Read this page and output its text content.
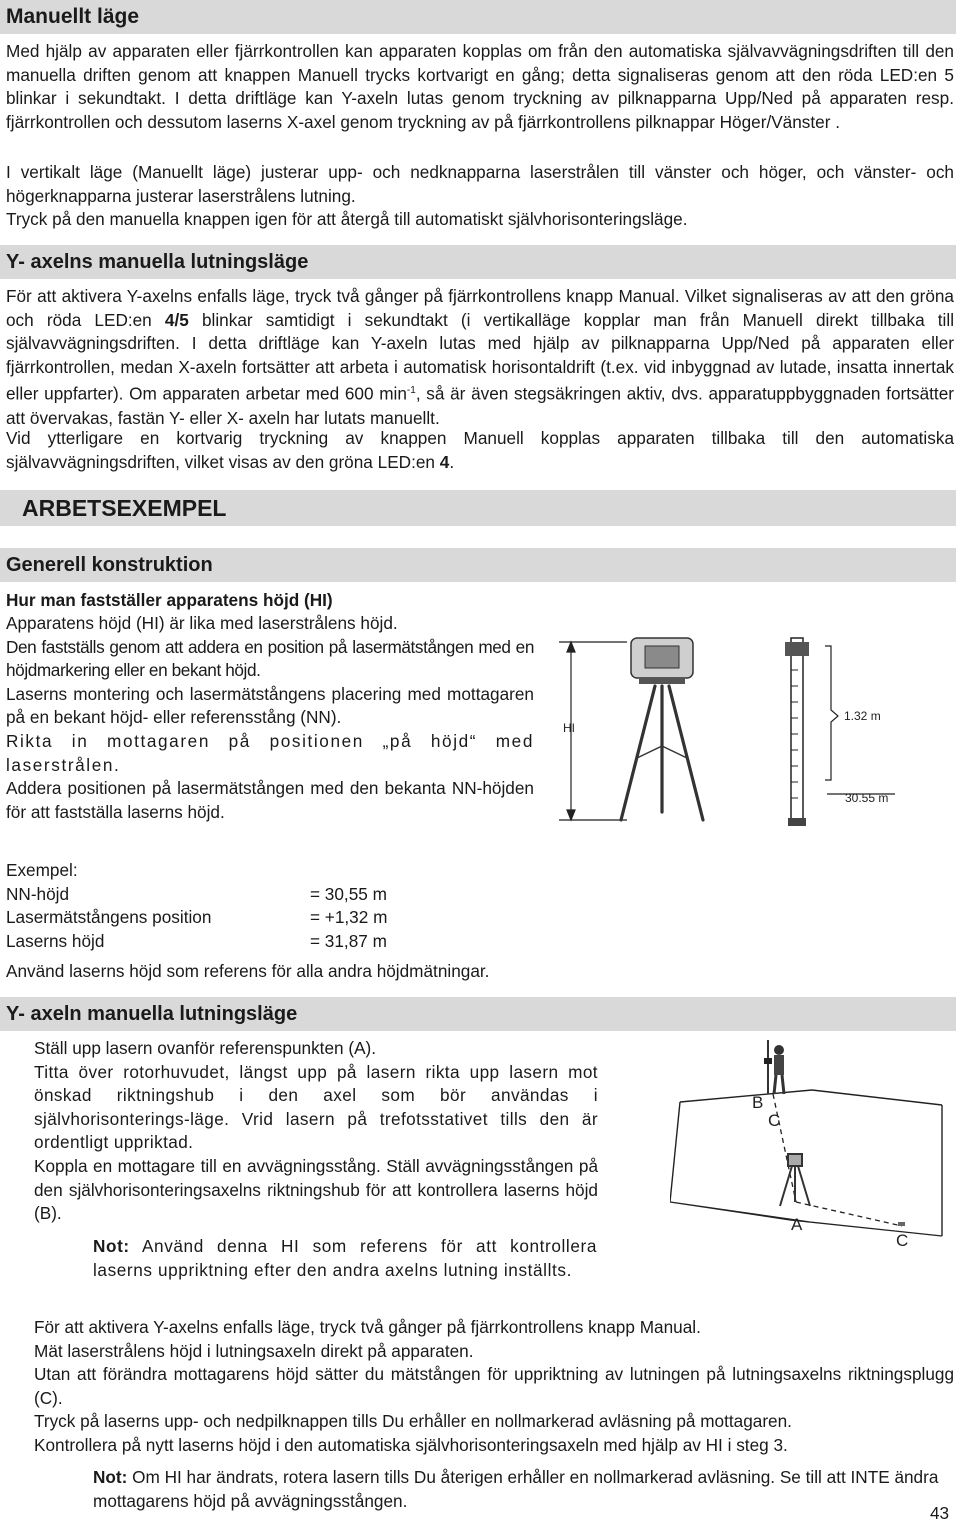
Manuellt läge

Med hjälp av apparaten eller fjärrkontrollen kan apparaten kopplas om från den automatiska självavvägningsdriften till den manuella driften genom att knappen Manuell trycks kortvarigt en gång; detta signaliseras genom att den röda LED:en 5 blinkar i sekundtakt. I detta driftläge kan Y-axeln lutas genom tryckning av pilknapparna Upp/Ned på apparaten resp. fjärrkontrollen och dessutom laserns X-axel genom tryckning av på fjärrkontrollens pilknappar Höger/Vänster .

I vertikalt läge (Manuellt läge) justerar upp- och nedknapparna laserstrålen till vänster och höger, och vänster- och högerknapparna justerar laserstrålens lutning.

Tryck på den manuella knappen igen för att återgå till automatiskt självhorisonteringsläge.

Y- axelns manuella lutningsläge

För att aktivera Y-axelns enfalls läge, tryck två gånger på fjärrkontrollens knapp Manual. Vilket signaliseras av att den gröna och röda LED:en 4/5 blinkar samtidigt i sekundtakt (i vertikalläge kopplar man från Manuell direkt tillbaka till självavvägningsdriften. I detta driftläge kan Y-axeln lutas med hjälp av pilknapparna Upp/Ned på apparaten eller fjärrkontrollen, medan X-axeln fortsätter att arbeta i automatisk horisontaldrift (t.ex. vid inbyggnad av lutade, insatta innertak eller uppfarter). Om apparaten arbetar med 600 $\min^{-1}$, så är även stegsäkringen aktiv, dvs. apparatuppbyggnaden fortsätter att övervakas, fastän Y- eller X- axeln har lutats manuellt.

Vid ytterligare en kortvarig tryckning av knappen Manuell kopplas apparaten tillbaka till den automatiska självavvägningsdriften, vilket visas av den gröna LED:en 4.

ARBETSEXEMPEL
Generell konstruktion

Hur man fastställer apparatens höjd (HI)

Apparatens höjd (HI) är lika med laserstrålens höjd.
Den fastställs genom att addera en position på lasermätstången med en höjdmarkering eller en bekant höjd.
Laserns montering och lasermätstångens placering med mottagaren på en bekant höjd- eller referensstång (NN).
Rikta in mottagaren på positionen „på höjd“ med laserstrålen.
Addera positionen på lasermätstången med den bekanta NN-höjden för att fastställa laserns höjd.
Exempel:
NN-höjd	= 30,55 m
Lasermätstångens position	= +1,32 m
Laserns höjd	= 31,87 m

Använd laserns höjd som referens för alla andra höjdmätningar.

HI
1.32 m
30.55 m
Y- axeln manuella lutningsläge
Ställ upp lasern ovanför referenspunkten (A).
Titta över rotorhuvudet, längst upp på lasern rikta upp lasern mot önskad riktningshub i den axel som bör användas i självhorisonterings-läge. Vrid lasern på trefotsstativet tills den är ordentligt uppriktad.
Koppla en mottagare till en avvägningsstång. Ställ avvägningsstången på den självhorisonteringsaxelns riktningshub för att kontrollera laserns höjd (B).
Not: Använd denna HI som referens för att kontrollera laserns uppriktning efter den andra axelns lutning inställts.
B
C
A
C
För att aktivera Y-axelns enfalls läge, tryck två gånger på fjärrkontrollens knapp Manual.
Mät laserstrålens höjd i lutningsaxeln direkt på apparaten.
Utan att förändra mottagarens höjd sätter du mätstången för uppriktning av lutningen på lutningsaxelns riktningsplugg (C).
Tryck på laserns upp- och nedpilknappen tills Du erhåller en nollmarkerad avläsning på mottagaren.
Kontrollera på nytt laserns höjd i den automatiska självhorisonteringsaxeln med hjälp av HI i steg 3.
Not: Om HI har ändrats, rotera lasern tills Du återigen erhåller en nollmarkerad avläsning. Se till att INTE ändra mottagarens höjd på avvägningsstången.
43
